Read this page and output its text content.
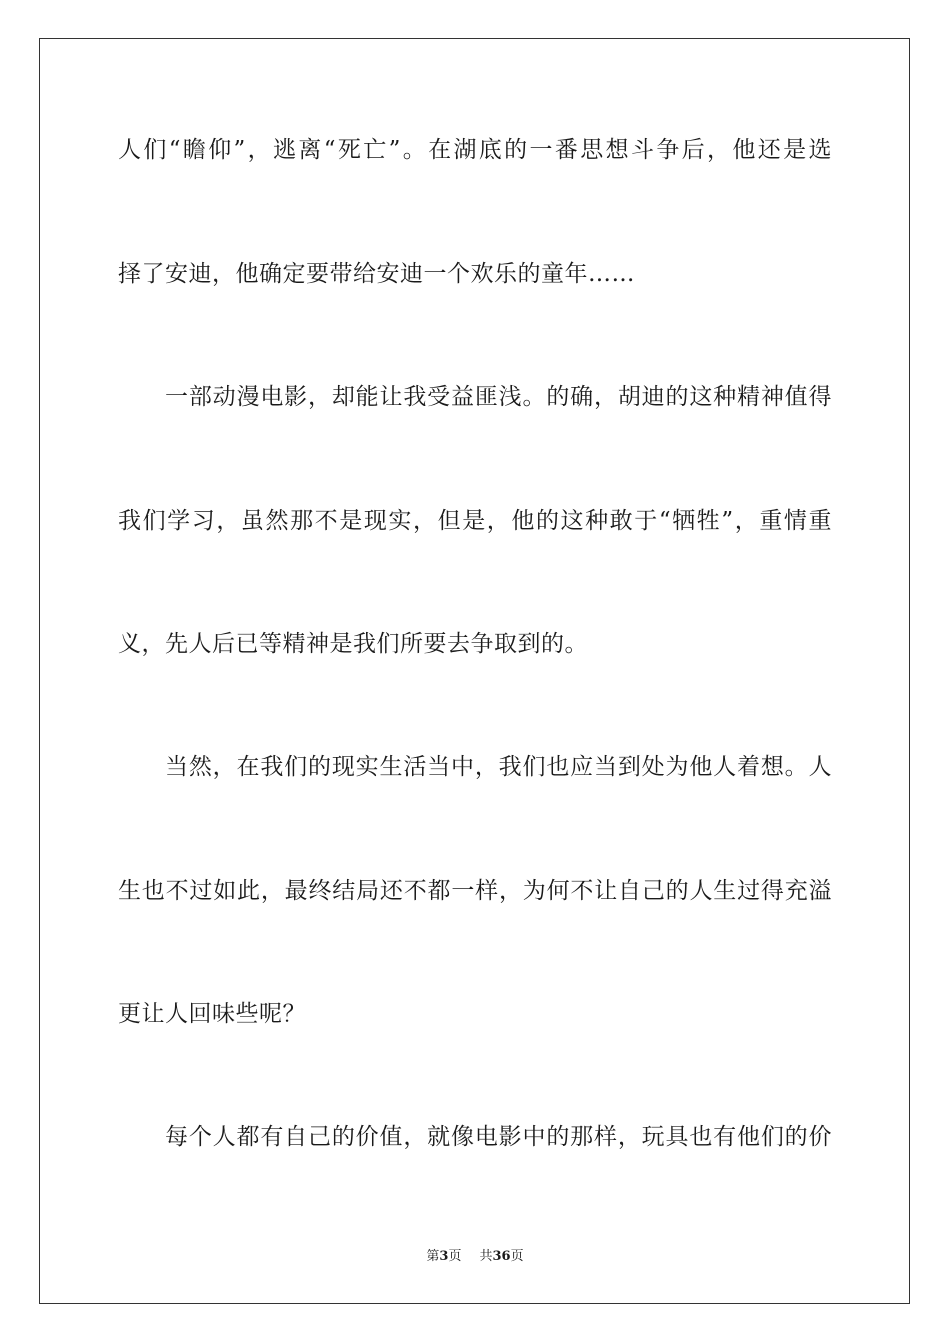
人们“瞻仰”，逃离“死亡”。在湖底的一番思想斗争后，他还是选
择了安迪，他确定要带给安迪一个欢乐的童年……
一部动漫电影，却能让我受益匪浅。的确，胡迪的这种精神值得
我们学习，虽然那不是现实，但是，他的这种敢于“牺牲”，重情重
义，先人后已等精神是我们所要去争取到的。
当然，在我们的现实生活当中，我们也应当到处为他人着想。人
生也不过如此，最终结局还不都一样，为何不让自己的人生过得充溢
更让人回味些呢？
每个人都有自己的价值，就像电影中的那样，玩具也有他们的价
第3页 共36页
